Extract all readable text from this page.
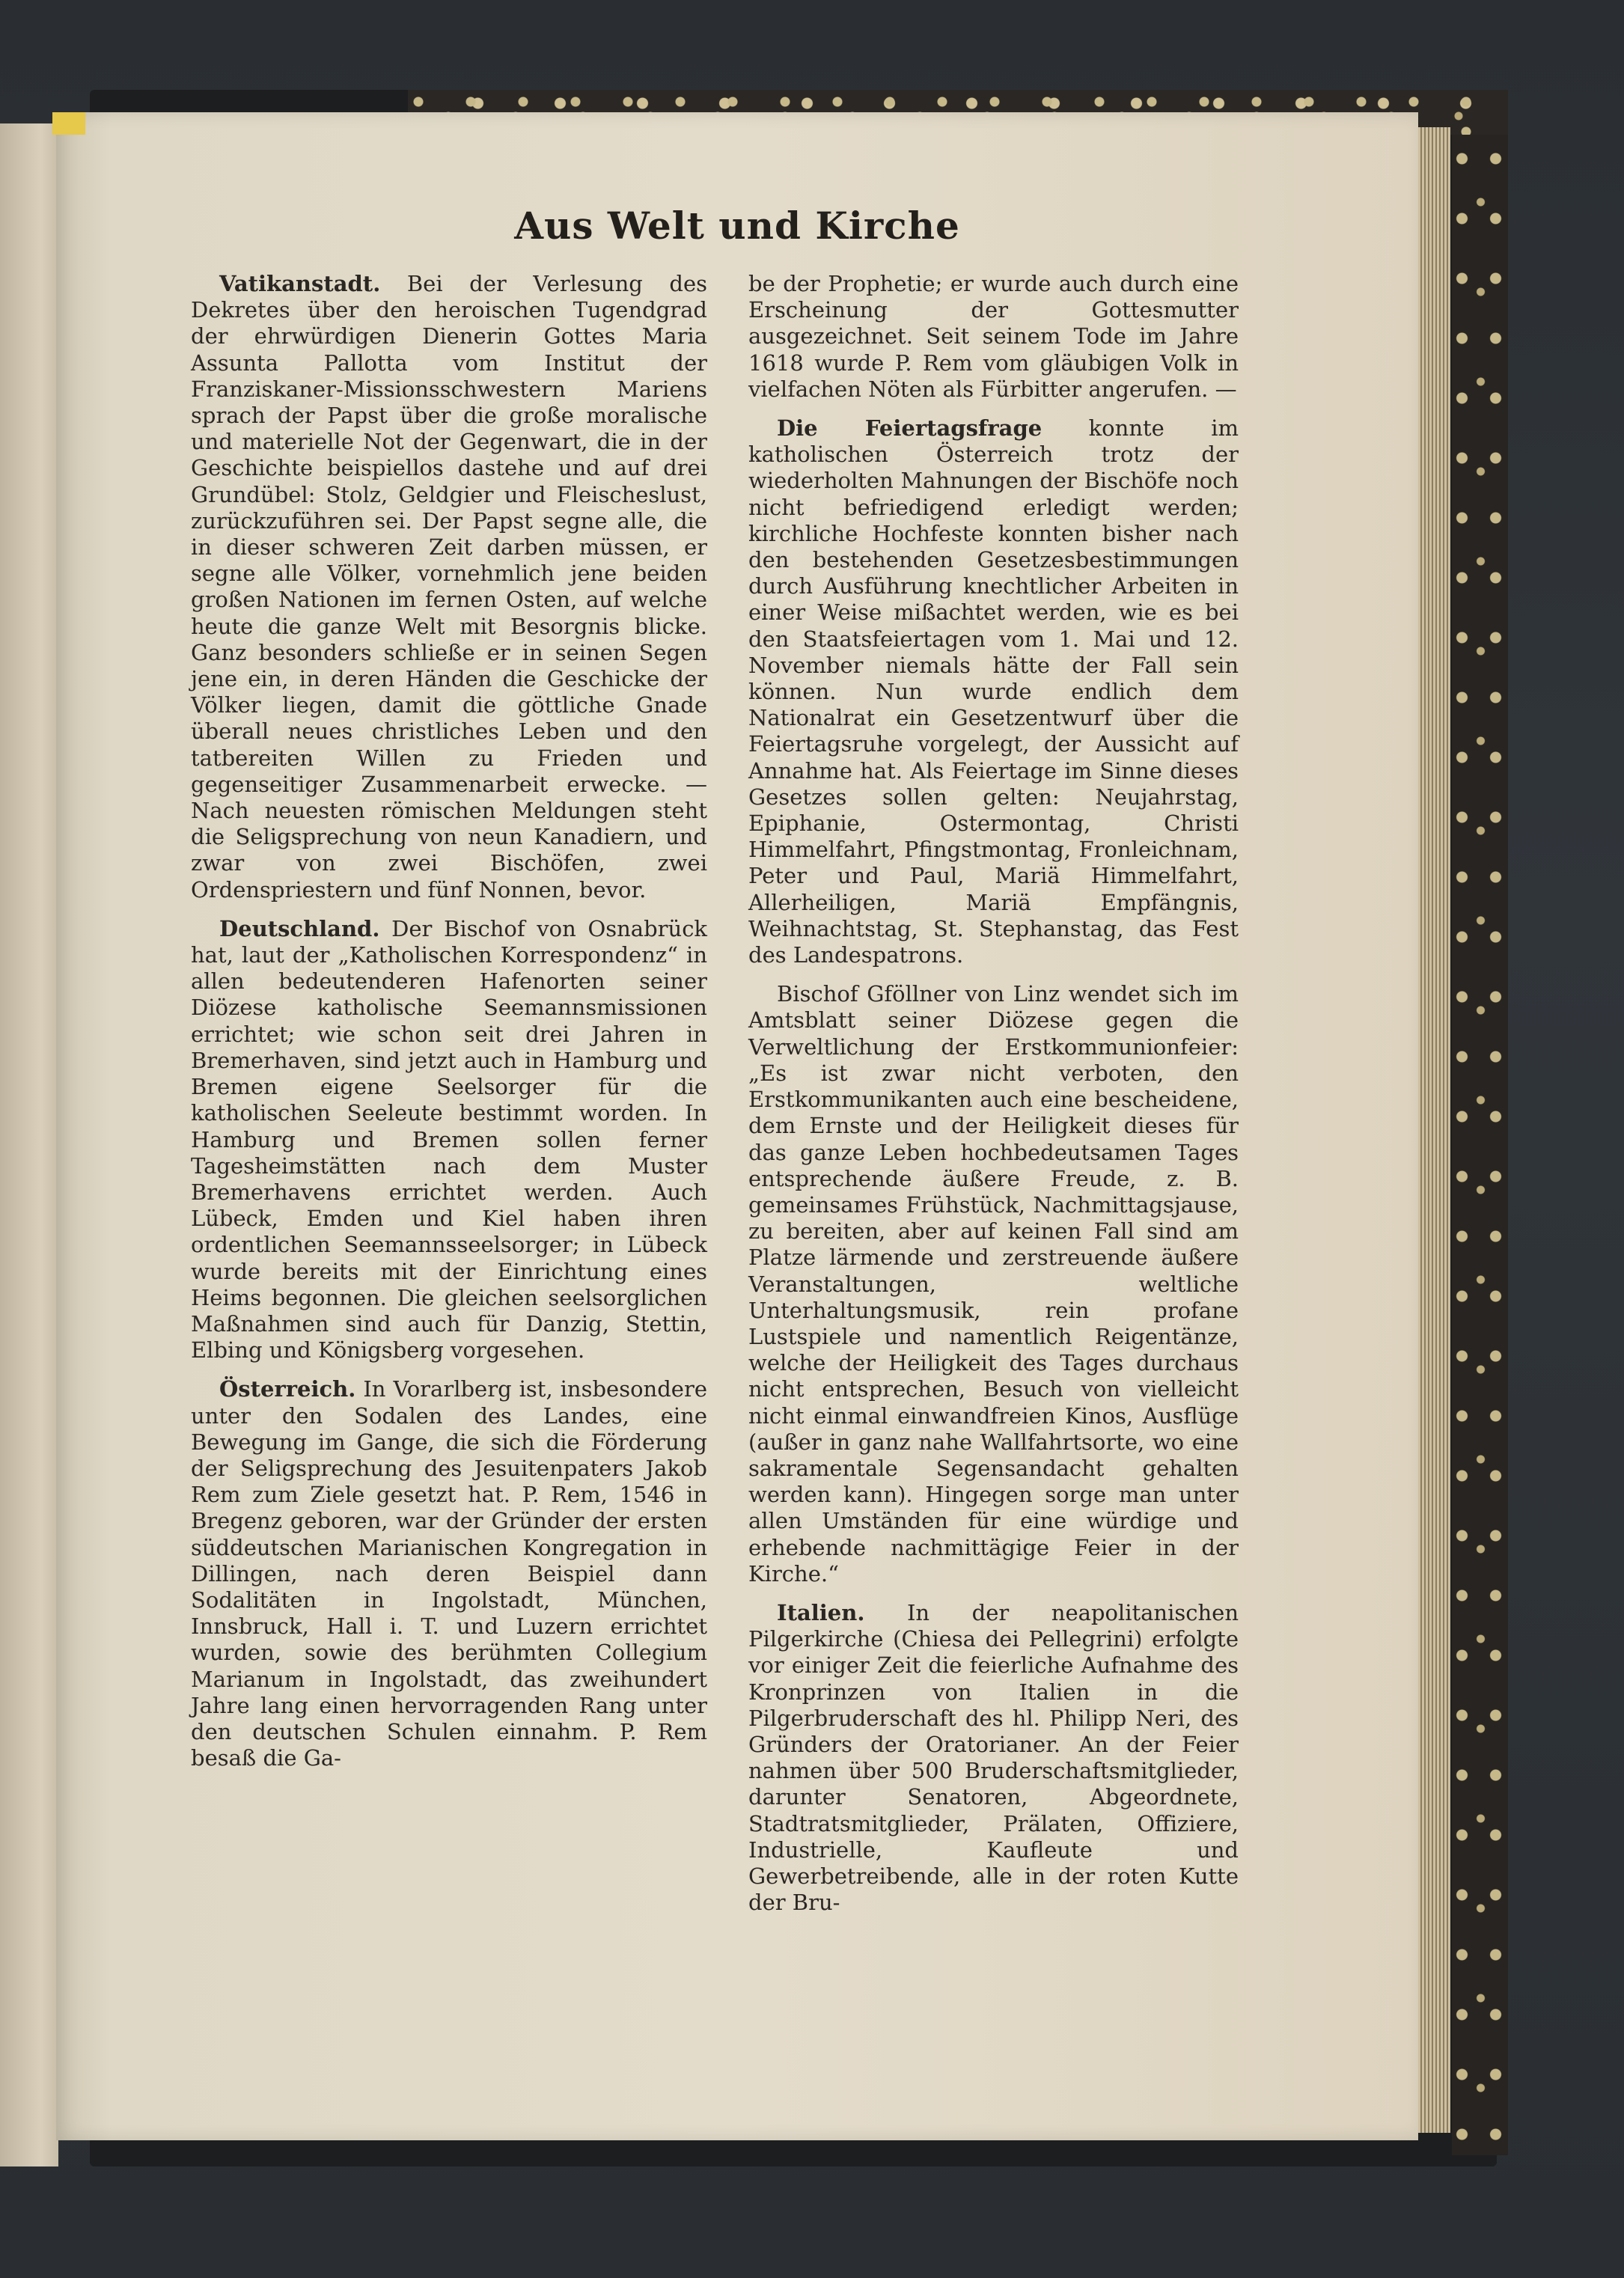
Aus Welt und Kirche

Vatikanstadt. Bei der Verlesung des Dekretes über den heroischen Tugendgrad der ehrwürdigen Dienerin Gottes Maria Assunta Pallotta vom Institut der Franziskaner-Missionsschwestern Mariens sprach der Papst über die große moralische und materielle Not der Gegenwart, die in der Geschichte beispiellos dastehe und auf drei Grundübel: Stolz, Geldgier und Fleischeslust, zurückzuführen sei. Der Papst segne alle, die in dieser schweren Zeit darben müssen, er segne alle Völker, vornehmlich jene beiden großen Nationen im fernen Osten, auf welche heute die ganze Welt mit Besorgnis blicke. Ganz besonders schließe er in seinen Segen jene ein, in deren Händen die Geschicke der Völker liegen, damit die göttliche Gnade überall neues christliches Leben und den tatbereiten Willen zu Frieden und gegenseitiger Zusammenarbeit erwecke. — Nach neuesten römischen Meldungen steht die Seligsprechung von neun Kanadiern, und zwar von zwei Bischöfen, zwei Ordenspriestern und fünf Nonnen, bevor.

Deutschland. Der Bischof von Osnabrück hat, laut der „Katholischen Korrespondenz“ in allen bedeutenderen Hafenorten seiner Diözese katholische Seemannsmissionen errichtet; wie schon seit drei Jahren in Bremerhaven, sind jetzt auch in Hamburg und Bremen eigene Seelsorger für die katholischen Seeleute bestimmt worden. In Hamburg und Bremen sollen ferner Tagesheimstätten nach dem Muster Bremerhavens errichtet werden. Auch Lübeck, Emden und Kiel haben ihren ordentlichen Seemannsseelsorger; in Lübeck wurde bereits mit der Einrichtung eines Heims begonnen. Die gleichen seelsorglichen Maßnahmen sind auch für Danzig, Stettin, Elbing und Königsberg vorgesehen.

Österreich. In Vorarlberg ist, insbesondere unter den Sodalen des Landes, eine Bewegung im Gange, die sich die Förderung der Seligsprechung des Jesuitenpaters Jakob Rem zum Ziele gesetzt hat. P. Rem, 1546 in Bregenz geboren, war der Gründer der ersten süddeutschen Marianischen Kongregation in Dillingen, nach deren Beispiel dann Sodalitäten in Ingolstadt, München, Innsbruck, Hall i. T. und Luzern errichtet wurden, sowie des berühmten Collegium Marianum in Ingolstadt, das zweihundert Jahre lang einen hervorragenden Rang unter den deutschen Schulen einnahm. P. Rem besaß die Ga-

be der Prophetie; er wurde auch durch eine Erscheinung der Gottesmutter ausgezeichnet. Seit seinem Tode im Jahre 1618 wurde P. Rem vom gläubigen Volk in vielfachen Nöten als Fürbitter angerufen. —

Die Feiertagsfrage konnte im katholischen Österreich trotz der wiederholten Mahnungen der Bischöfe noch nicht befriedigend erledigt werden; kirchliche Hochfeste konnten bisher nach den bestehenden Gesetzesbestimmungen durch Ausführung knechtlicher Arbeiten in einer Weise mißachtet werden, wie es bei den Staatsfeiertagen vom 1. Mai und 12. November niemals hätte der Fall sein können. Nun wurde endlich dem Nationalrat ein Gesetzentwurf über die Feiertagsruhe vorgelegt, der Aussicht auf Annahme hat. Als Feiertage im Sinne dieses Gesetzes sollen gelten: Neujahrstag, Epiphanie, Ostermontag, Christi Himmelfahrt, Pfingstmontag, Fronleichnam, Peter und Paul, Mariä Himmelfahrt, Allerheiligen, Mariä Empfängnis, Weihnachtstag, St. Stephanstag, das Fest des Landespatrons.

Bischof Gföllner von Linz wendet sich im Amtsblatt seiner Diözese gegen die Verweltlichung der Erstkommunionfeier: „Es ist zwar nicht verboten, den Erstkommunikanten auch eine bescheidene, dem Ernste und der Heiligkeit dieses für das ganze Leben hochbedeutsamen Tages entsprechende äußere Freude, z. B. gemeinsames Frühstück, Nachmittagsjause, zu bereiten, aber auf keinen Fall sind am Platze lärmende und zerstreuende äußere Veranstaltungen, weltliche Unterhaltungsmusik, rein profane Lustspiele und namentlich Reigentänze, welche der Heiligkeit des Tages durchaus nicht entsprechen, Besuch von vielleicht nicht einmal einwandfreien Kinos, Ausflüge (außer in ganz nahe Wallfahrtsorte, wo eine sakramentale Segensandacht gehalten werden kann). Hingegen sorge man unter allen Umständen für eine würdige und erhebende nachmittägige Feier in der Kirche.“

Italien. In der neapolitanischen Pilgerkirche (Chiesa dei Pellegrini) erfolgte vor einiger Zeit die feierliche Aufnahme des Kronprinzen von Italien in die Pilgerbruderschaft des hl. Philipp Neri, des Gründers der Oratorianer. An der Feier nahmen über 500 Bruderschaftsmitglieder, darunter Senatoren, Abgeordnete, Stadtratsmitglieder, Prälaten, Offiziere, Industrielle, Kaufleute und Gewerbetreibende, alle in der roten Kutte der Bru-
